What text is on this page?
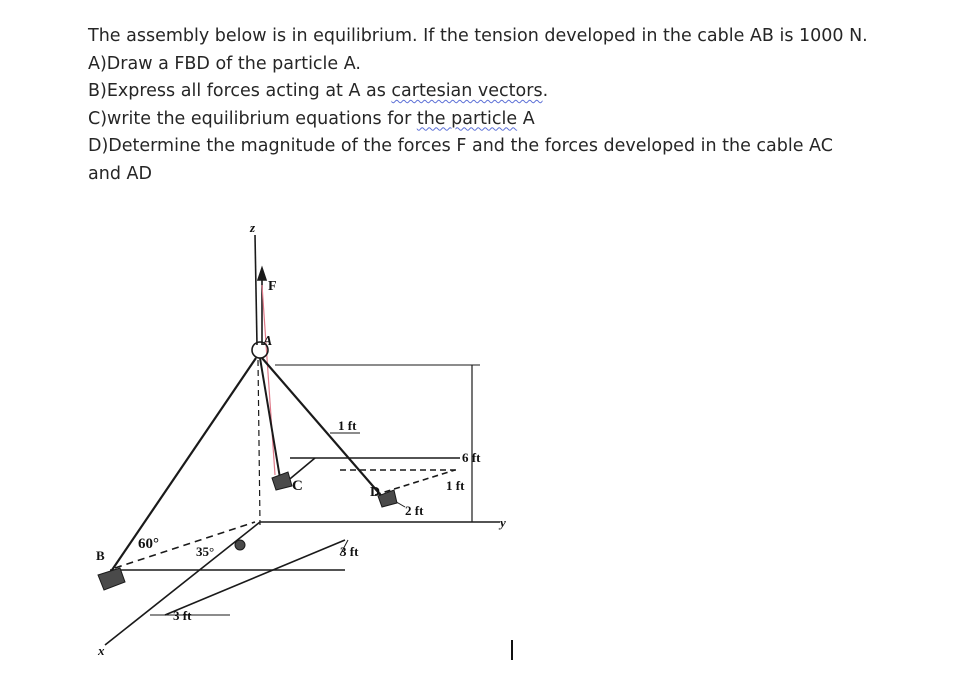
The assembly below is in equilibrium. If the tension developed in the cable AB is 1000 N.

A)Draw a FBD of the particle A.

B)Express all forces acting at A as cartesian vectors.

C)write the equilibrium equations for the particle A

D)Determine the magnitude of the forces F and the forces developed in the cable AC and AD

z
F
A
B
C	D
60°	35°
1 ft
6 ft
1 ft
2 ft
3 ft
3 ft
x
y
